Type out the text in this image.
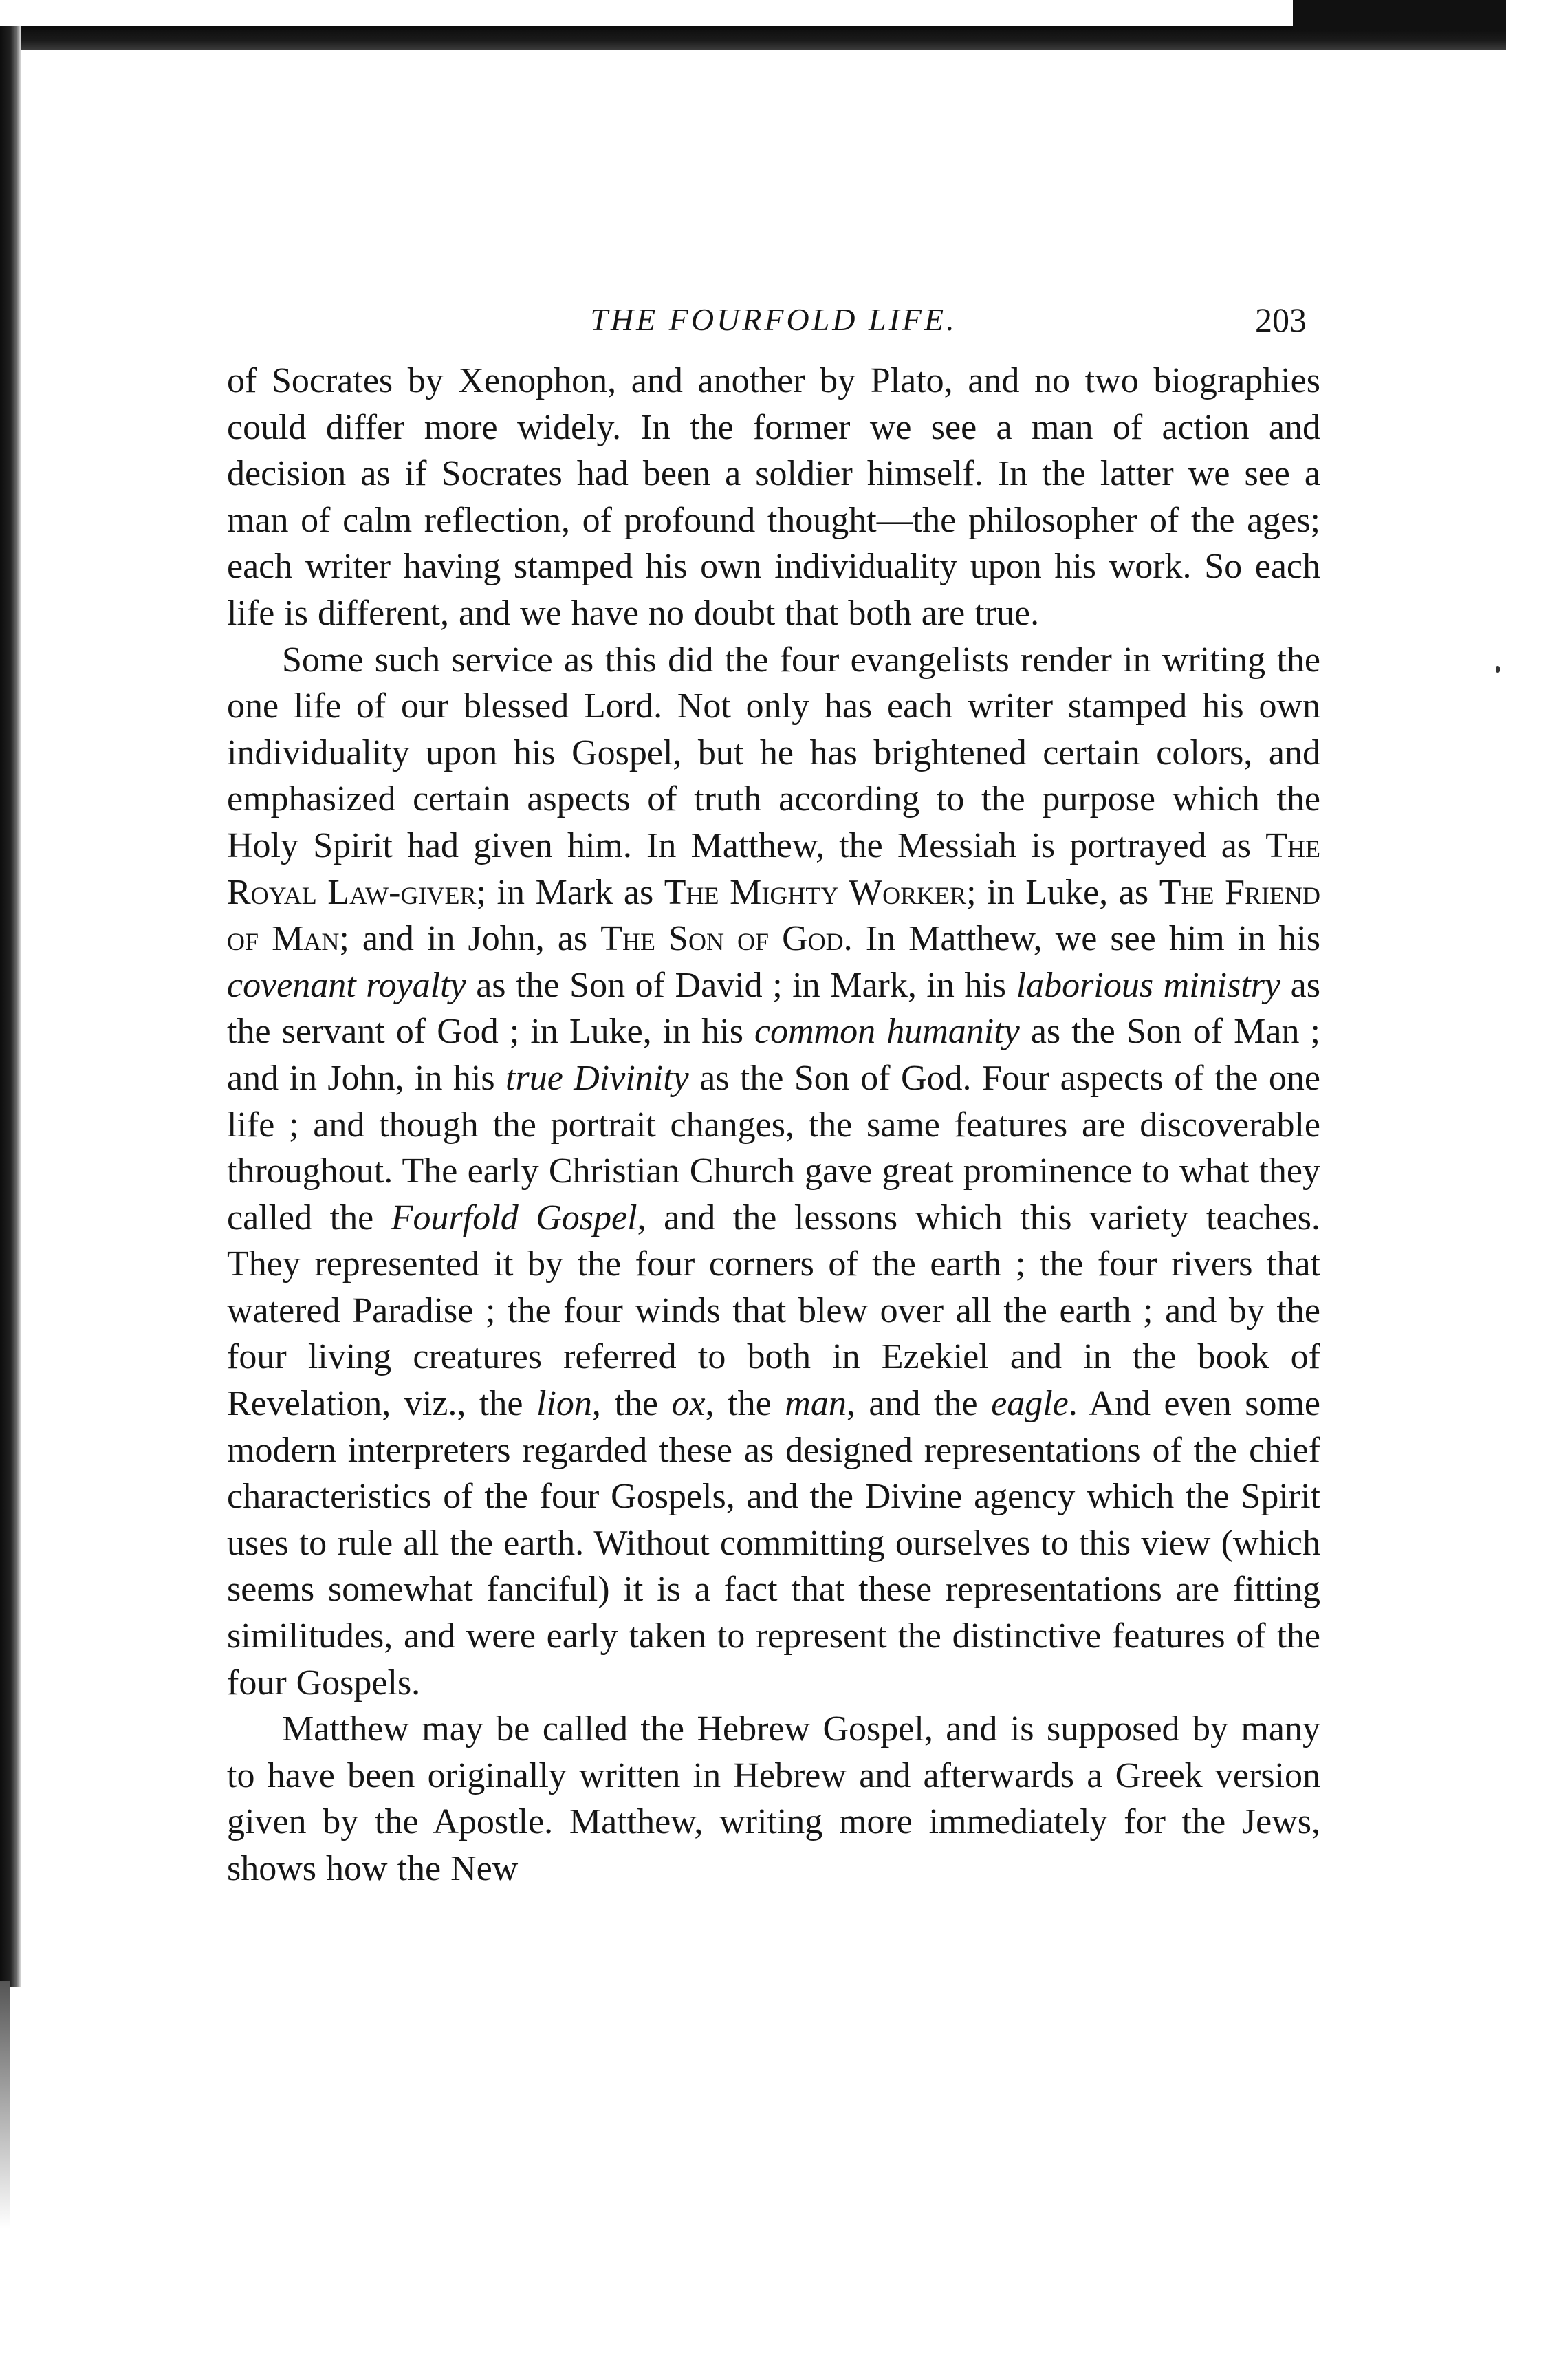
THE FOURFOLD LIFE.	203

of Socrates by Xenophon, and another by Plato, and no two biographies could differ more widely. In the former we see a man of action and decision as if Socrates had been a soldier himself. In the latter we see a man of calm reflection, of profound thought—the philosopher of the ages; each writer having stamped his own individuality upon his work. So each life is different, and we have no doubt that both are true.

Some such service as this did the four evangelists render in writing the one life of our blessed Lord. Not only has each writer stamped his own individuality upon his Gospel, but he has brightened certain colors, and emphasized certain aspects of truth according to the purpose which the Holy Spirit had given him. In Matthew, the Messiah is portrayed as The Royal Law-giver; in Mark as The Mighty Worker; in Luke, as The Friend of Man; and in John, as The Son of God. In Matthew, we see him in his covenant royalty as the Son of David ; in Mark, in his laborious ministry as the servant of God ; in Luke, in his common humanity as the Son of Man ; and in John, in his true Divinity as the Son of God. Four aspects of the one life ; and though the portrait changes, the same features are discoverable throughout. The early Christian Church gave great prominence to what they called the Fourfold Gospel, and the lessons which this variety teaches. They represented it by the four corners of the earth ; the four rivers that watered Paradise ; the four winds that blew over all the earth ; and by the four living creatures referred to both in Ezekiel and in the book of Revelation, viz., the lion, the ox, the man, and the eagle. And even some modern interpreters regarded these as designed representations of the chief characteristics of the four Gospels, and the Divine agency which the Spirit uses to rule all the earth. Without committing ourselves to this view (which seems somewhat fanciful) it is a fact that these representations are fitting similitudes, and were early taken to represent the distinctive features of the four Gospels.

Matthew may be called the Hebrew Gospel, and is supposed by many to have been originally written in Hebrew and afterwards a Greek version given by the Apostle. Matthew, writing more immediately for the Jews, shows how the New
